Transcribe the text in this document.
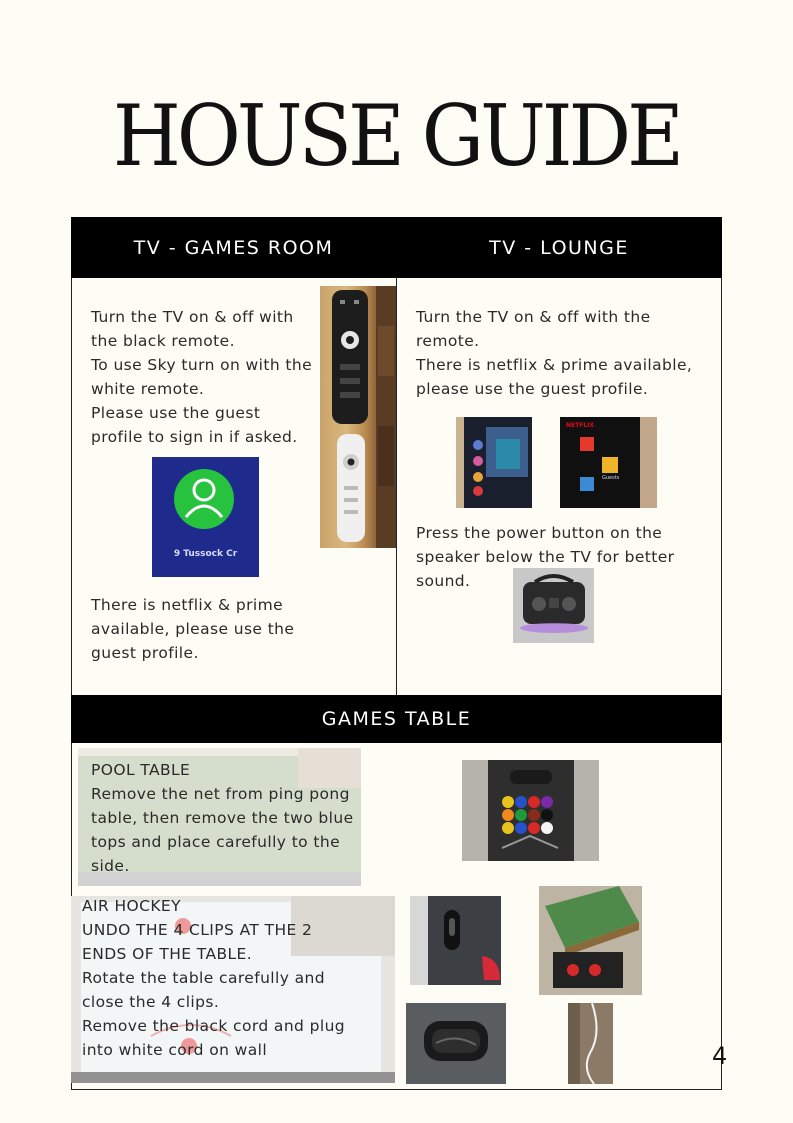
HOUSE GUIDE
TV - GAMES ROOM	TV - LOUNGE
Turn the TV on & off with
the black remote.
To use Sky turn on with the
white remote.
Please use the guest
profile to sign in if asked.
9 Tussock Cr
There is netflix & prime
available, please use the
guest profile.
Turn the TV on & off with the
remote.
There is netflix & prime available,
please use the guest profile.
NETFLIX
Guests
Press the power button on the
speaker below the TV for better
sound.
GAMES TABLE
POOL TABLE
Remove the net from ping pong
table, then remove the two blue
tops and place carefully to the
side.
AIR HOCKEY
UNDO THE 4 CLIPS AT THE 2
ENDS OF THE TABLE.
Rotate the table carefully and
close the 4 clips.
Remove the black cord and plug
into white cord on wall	4
